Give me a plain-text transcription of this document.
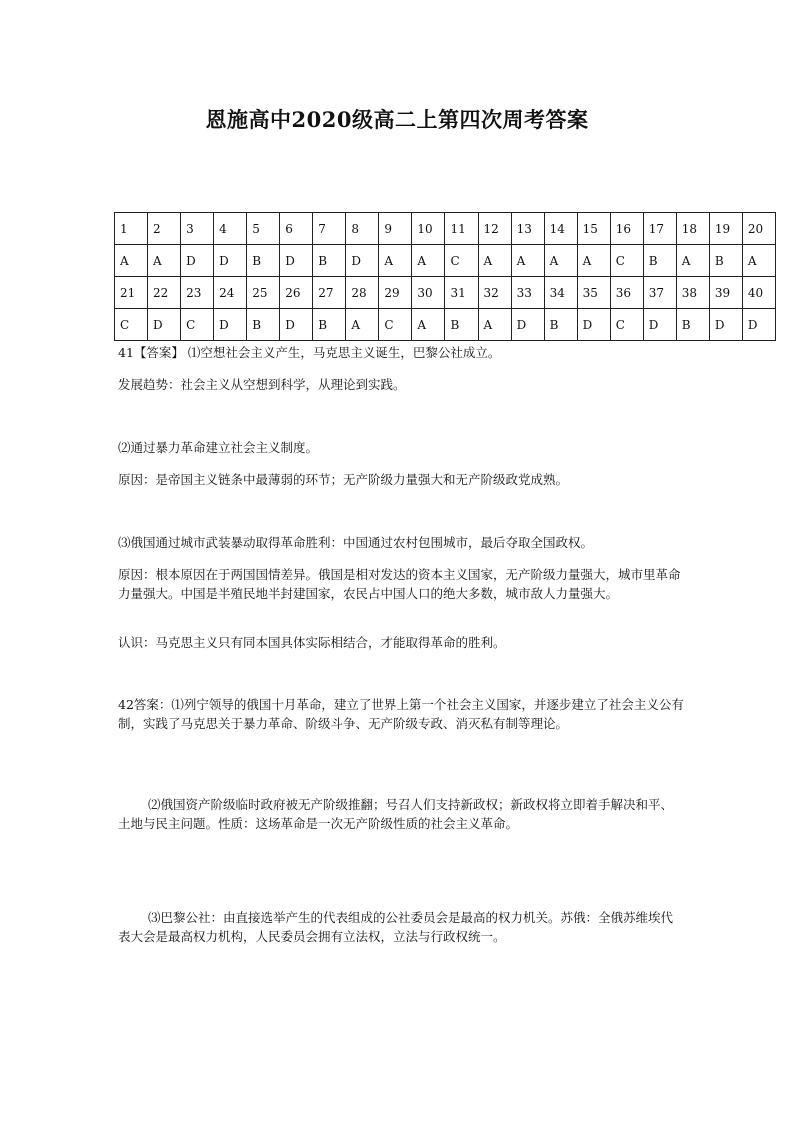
恩施高中2020级高二上第四次周考答案
1	2	3	4	5	6	7	8	9	10	11	12	13	14	15	16	17	18	19	20
A	A	D	D	B	D	B	D	A	A	C	A	A	A	A	C	B	A	B	A
21	22	23	24	25	26	27	28	29	30	31	32	33	34	35	36	37	38	39	40
C	D	C	D	B	D	B	A	C	A	B	A	D	B	D	C	D	B	D	D

41【答案】 ⑴空想社会主义产生，马克思主义诞生，巴黎公社成立。

发展趋势：社会主义从空想到科学，从理论到实践。

⑵通过暴力革命建立社会主义制度。

原因：是帝国主义链条中最薄弱的环节；无产阶级力量强大和无产阶级政党成熟。

⑶俄国通过城市武装暴动取得革命胜利：中国通过农村包围城市，最后夺取全国政权。

原因：根本原因在于两国国情差异。俄国是相对发达的资本主义国家，无产阶级力量强大，城市里革命力量强大。中国是半殖民地半封建国家，农民占中国人口的绝大多数，城市敌人力量强大。

认识：马克思主义只有同本国具体实际相结合，才能取得革命的胜利。

42答案：⑴列宁领导的俄国十月革命，建立了世界上第一个社会主义国家，并逐步建立了社会主义公有制，实践了马克思关于暴力革命、阶级斗争、无产阶级专政、消灭私有制等理论。

⑵俄国资产阶级临时政府被无产阶级推翻；号召人们支持新政权；新政权将立即着手解决和平、土地与民主问题。性质：这场革命是一次无产阶级性质的社会主义革命。

⑶巴黎公社：由直接选举产生的代表组成的公社委员会是最高的权力机关。苏俄：全俄苏维埃代表大会是最高权力机构，人民委员会拥有立法权，立法与行政权统一。
